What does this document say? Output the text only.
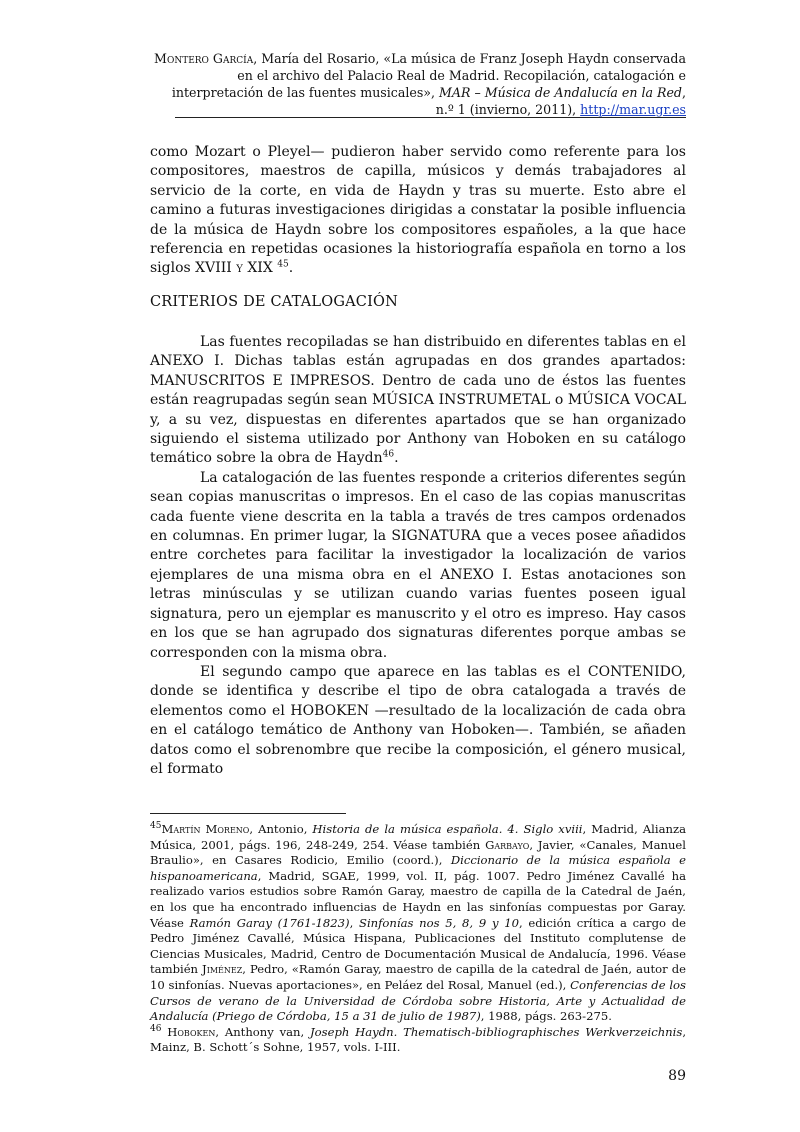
Montero García, María del Rosario, «La música de Franz Joseph Haydn conservada en el archivo del Palacio Real de Madrid. Recopilación, catalogación e interpretación de las fuentes musicales», MAR – Música de Andalucía en la Red, n.º 1 (invierno, 2011), http://mar.ugr.es

como Mozart o Pleyel— pudieron haber servido como referente para los compositores, maestros de capilla, músicos y demás trabajadores al servicio de la corte, en vida de Haydn y tras su muerte. Esto abre el camino a futuras investigaciones dirigidas a constatar la posible influencia de la música de Haydn sobre los compositores españoles, a la que hace referencia en repetidas ocasiones la historiografía española en torno a los siglos XVIII y XIX $^{45}$.

CRITERIOS DE CATALOGACIÓN

Las fuentes recopiladas se han distribuido en diferentes tablas en el ANEXO I. Dichas tablas están agrupadas en dos grandes apartados: MANUSCRITOS E IMPRESOS. Dentro de cada uno de éstos las fuentes están reagrupadas según sean MÚSICA INSTRUMETAL o MÚSICA VOCAL y, a su vez, dispuestas en diferentes apartados que se han organizado siguiendo el sistema utilizado por Anthony van Hoboken en su catálogo temático sobre la obra de Haydn$^{46}$.

La catalogación de las fuentes responde a criterios diferentes según sean copias manuscritas o impresos. En el caso de las copias manuscritas cada fuente viene descrita en la tabla a través de tres campos ordenados en columnas. En primer lugar, la SIGNATURA que a veces posee añadidos entre corchetes para facilitar la investigador la localización de varios ejemplares de una misma obra en el ANEXO I. Estas anotaciones son letras minúsculas y se utilizan cuando varias fuentes poseen igual signatura, pero un ejemplar es manuscrito y el otro es impreso. Hay casos en los que se han agrupado dos signaturas diferentes porque ambas se corresponden con la misma obra.

El segundo campo que aparece en las tablas es el CONTENIDO, donde se identifica y describe el tipo de obra catalogada a través de elementos como el HOBOKEN —resultado de la localización de cada obra en el catálogo temático de Anthony van Hoboken—. También, se añaden datos como el sobrenombre que recibe la composición, el género musical, el formato

$^{45}$Martín Moreno, Antonio, Historia de la música española. 4. Siglo xviii, Madrid, Alianza Música, 2001, págs. 196, 248-249, 254. Véase también Garbayo, Javier, «Canales, Manuel Braulio», en Casares Rodicio, Emilio (coord.), Diccionario de la música española e hispanoamericana, Madrid, SGAE, 1999, vol. II, pág. 1007. Pedro Jiménez Cavallé ha realizado varios estudios sobre Ramón Garay, maestro de capilla de la Catedral de Jaén, en los que ha encontrado influencias de Haydn en las sinfonías compuestas por Garay. Véase Ramón Garay (1761-1823), Sinfonías nos 5, 8, 9 y 10, edición crítica a cargo de Pedro Jiménez Cavallé, Música Hispana, Publicaciones del Instituto complutense de Ciencias Musicales, Madrid, Centro de Documentación Musical de Andalucía, 1996. Véase también Jiménez, Pedro, «Ramón Garay, maestro de capilla de la catedral de Jaén, autor de 10 sinfonías. Nuevas aportaciones», en Peláez del Rosal, Manuel (ed.), Conferencias de los Cursos de verano de la Universidad de Córdoba sobre Historia, Arte y Actualidad de Andalucía (Priego de Córdoba, 15 a 31 de julio de 1987), 1988, págs. 263-275.

$^{46}$ Hoboken, Anthony van, Joseph Haydn. Thematisch-bibliographisches Werkverzeichnis, Mainz, B. Schott´s Sohne, 1957, vols. I-III.

89
